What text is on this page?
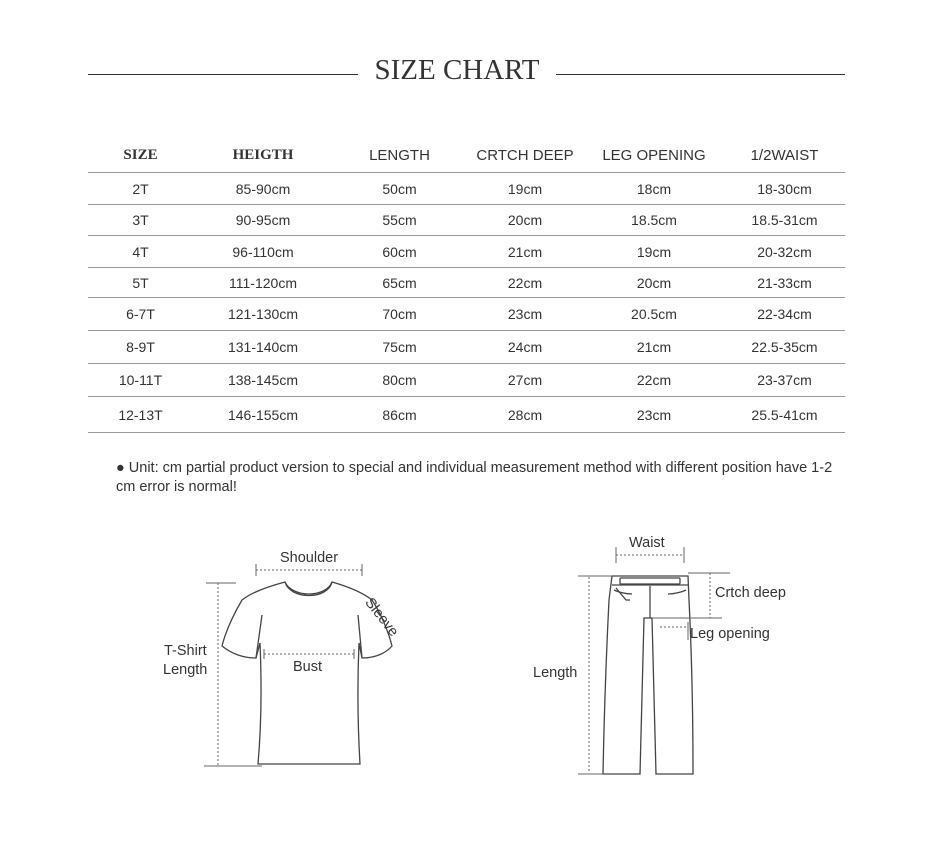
SIZE CHART
SIZE	HEIGTH	LENGTH	CRTCH DEEP	LEG OPENING	1/2WAIST
2T	85-90cm	50cm	19cm	18cm	18-30cm
3T	90-95cm	55cm	20cm	18.5cm	18.5-31cm
4T	96-110cm	60cm	21cm	19cm	20-32cm
5T	111-120cm	65cm	22cm	20cm	21-33cm
6-7T	121-130cm	70cm	23cm	20.5cm	22-34cm
8-9T	131-140cm	75cm	24cm	21cm	22.5-35cm
10-11T	138-145cm	80cm	27cm	22cm	23-37cm
12-13T	146-155cm	86cm	28cm	23cm	25.5-41cm
● Unit: cm partial product version to special and individual measurement method with different position have 1-2 cm error is normal!
Shoulder
Sleeve
Bust
T-Shirt
Length
Waist
Crtch deep
Leg opening
Length
